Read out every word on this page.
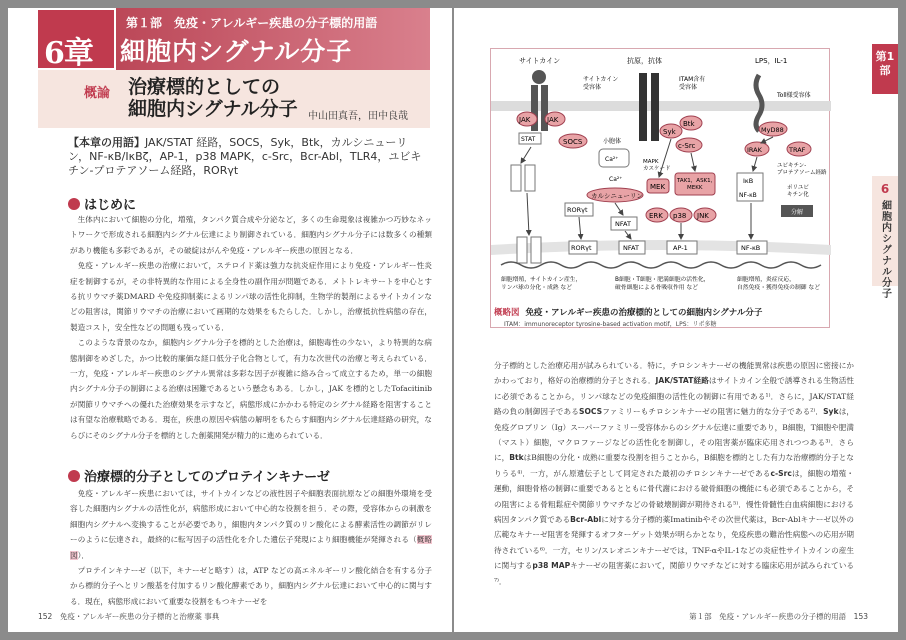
6章
第１部　免疫・アレルギー疾患の分子標的用語
細胞内シグナル分子
概論 治療標的としての
細胞内シグナル分子 中山田真吾，田中良哉
【本章の用語】JAK/STAT 経路，SOCS，Syk，Btk，カルシニューリン，NF-κB/IκBζ，AP-1，p38 MAPK，c-Src，Bcr-Abl，TLR4，ユビキチン-プロテアソーム経路，RORγt
はじめに

生体内において細胞の分化，増殖，タンパク質合成や分泌など，多くの生命現象は複雑かつ巧妙なネットワークで形成される細胞内シグナル伝達により制御されている．細胞内シグナル分子には数多くの種類があり機能も多彩であるが，その破綻はがんや免疫・アレルギー疾患の原因となる．

免疫・アレルギー疾患の治療において，ステロイド薬は強力な抗炎症作用により免疫・アレルギー性炎症を制御するが，その非特異的な作用による全身性の副作用が問題である．メトトレキサートを中心とする抗リウマチ薬DMARD や免疫抑制薬によるリンパ球の活性化抑制，生物学的製剤によるサイトカインなどの阻害は，関節リウマチの治療において画期的な効果をもたらした．しかし，治療抵抗性病態の存在，製造コスト，安全性などの問題も残っている．

このような背景のなか，細胞内シグナル分子を標的とした治療は，細胞毒性の少ない，より特異的な病態制御をめざした，かつ比較的廉価な経口低分子化合物として，有力な次世代の治療と考えられている．一方，免疫・アレルギー疾患のシグナル異常は多彩な因子が複雑に絡み合って成立するため，単一の細胞内シグナル分子の制御による治療は困難であるという懸念もある．しかし，JAK を標的としたTofacitinibが関節リウマチへの優れた治療効果を示すなど，病態形成にかかわる特定のシグナル経路を阻害することは有望な治療戦略である．現在，疾患の原因や病態の解明をもたらす細胞内シグナル伝達経路の研究，ならびにそのシグナル分子を標的とした創薬開発が精力的に進められている．

治療標的分子としてのプロテインキナーゼ

免疫・アレルギー疾患においては，サイトカインなどの液性因子や細胞表面抗原などの細胞外環境を受容した細胞内シグナルの活性化が，病態形成において中心的な役割を担う．その際，受容体からの刺激を細胞内シグナルへ変換することが必要であり，細胞内タンパク質のリン酸化による酵素活性の調節がリレーのように伝達され，最終的に転写因子の活性化を介した遺伝子発現により細胞機能が発揮される（概略図）．

プロテインキナーゼ（以下，キナーゼと略す）は，ATP などの高エネルギーリン酸化結合を有する分子から標的分子へとリン酸基を付加するリン酸化酵素であり，細胞内シグナル伝達において中心的に関与する．現在，病態形成において重要な役割をもつキナーゼを

152　 免疫・アレルギー疾患の分子標的と治療薬 事典
第1部
6
細胞内シグナル分子
サイトカイン
サイトカイン受容体
抗原，抗体
ITAM含有受容体
LPS，IL-1
Toll様受容体
JAK JAK
STAT	SOCS
Syk
Btk
c-Src
小胞体
Ca²⁺
Ca²⁺
カルシニューリン
MAPK カスケード
MEK
TAK1，ASK1， MEKK
ERK p38 JNK
RORγt
NFAT
MyD88
IRAK	TRAF
ユビキチン-プロテアソーム経路
IκB
NF-κB
ポリユビキチン化
分解
RORγt	NFAT	AP-1	NF-κB
細胞増殖，サイトカイン産生，リンパ球の分化・成熟 など
B細胞・T細胞・肥満細胞の活性化，破骨細胞による骨吸収作用 など
細胞増殖，炎症反応，自然免疫・獲得免疫の制御 など
概略図 免疫・アレルギー疾患の治療標的としての細胞内シグナル分子
ITAM：immunoreceptor tyrosine-based activation motif，LPS：リポ多糖
分子標的とした治療応用が試みられている．特に，チロシンキナーゼの機能異常は疾患の原因に密接にかかわっており，格好の治療標的分子とされる．JAK/STAT経路はサイトカイン全般で誘導される生物活性に必須であることから，リンパ球などの免疫細胞の活性化の制御に有用である¹⁾．さらに，JAK/STAT経路の負の制御因子であるSOCSファミリーもチロシンキナーゼの阻害に魅力的な分子である²⁾．Sykは，免疫グロブリン（Ig）スーパーファミリー受容体からのシグナル伝達に重要であり，B細胞，T細胞や肥満（マスト）細胞，マクロファージなどの活性化を制御し，その阻害薬が臨床応用されつつある³⁾．さらに，BtkはB細胞の分化・成熟に重要な役割を担うことから，B細胞を標的とした有力な治療標的分子となりうる⁴⁾．一方，がん原遺伝子として同定された最初のチロシンキナーゼであるc-Srcは，細胞の増殖・運動，細胞骨格の制御に重要であるとともに骨代謝における破骨細胞の機能にも必須であることから，その阻害による骨粗鬆症や関節リウマチなどの骨破壊制御が期待される⁵⁾．慢性骨髄性白血病細胞における病因タンパク質であるBcr-Ablに対する分子標的薬Imatinibやその次世代薬は，Bcr-Ablキナーゼ以外の広範なキナーゼ阻害を発揮するオフターゲット効果が明らかとなり，免疫疾患の難治性病態への応用が期待されている⁶⁾．一方，セリン/スレオニンキナーゼでは，TNF-αやIL-1などの炎症性サイトカインの産生に関与するp38 MAPキナーゼの阻害薬において，関節リウマチなどに対する臨床応用が試みられている⁷⁾．
第１部　免疫・アレルギー疾患の分子標的用語　 153
